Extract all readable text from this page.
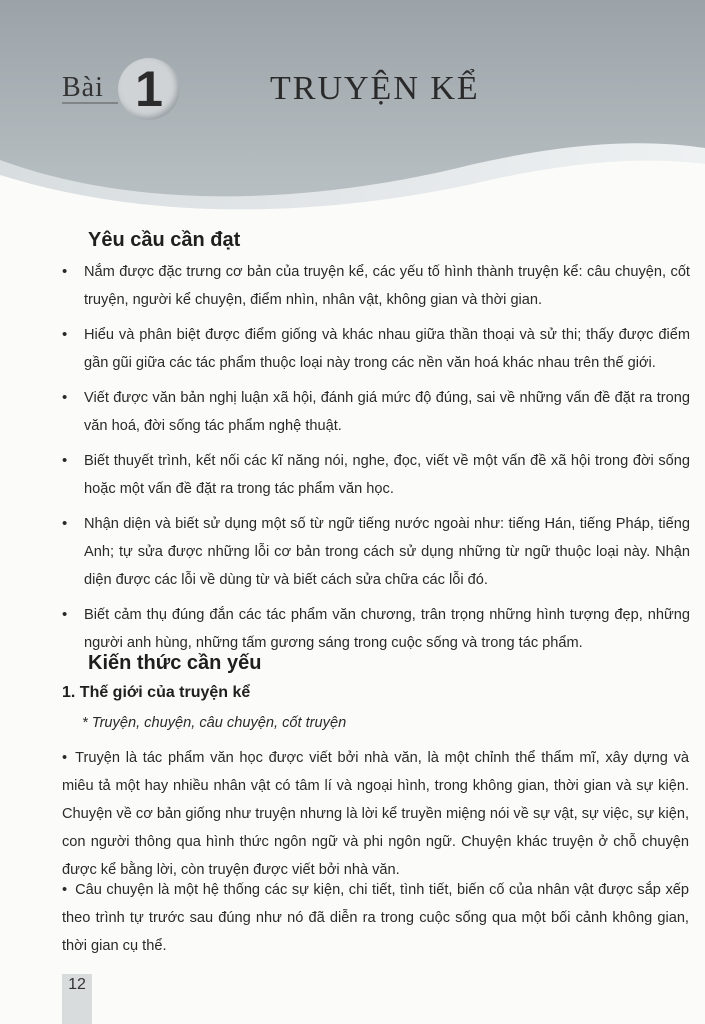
Bài 1	TRUYỆN KỂ
Yêu cầu cần đạt
• Nắm được đặc trưng cơ bản của truyện kể, các yếu tố hình thành truyện kể: câu chuyện, cốt truyện, người kể chuyện, điểm nhìn, nhân vật, không gian và thời gian.
• Hiểu và phân biệt được điểm giống và khác nhau giữa thần thoại và sử thi; thấy được điểm gần gũi giữa các tác phẩm thuộc loại này trong các nền văn hoá khác nhau trên thế giới.
• Viết được văn bản nghị luận xã hội, đánh giá mức độ đúng, sai về những vấn đề đặt ra trong văn hoá, đời sống tác phẩm nghệ thuật.
• Biết thuyết trình, kết nối các kĩ năng nói, nghe, đọc, viết về một vấn đề xã hội trong đời sống hoặc một vấn đề đặt ra trong tác phẩm văn học.
• Nhận diện và biết sử dụng một số từ ngữ tiếng nước ngoài như: tiếng Hán, tiếng Pháp, tiếng Anh; tự sửa được những lỗi cơ bản trong cách sử dụng những từ ngữ thuộc loại này. Nhận diện được các lỗi về dùng từ và biết cách sửa chữa các lỗi đó.
• Biết cảm thụ đúng đắn các tác phẩm văn chương, trân trọng những hình tượng đẹp, những người anh hùng, những tấm gương sáng trong cuộc sống và trong tác phẩm.
Kiến thức cần yếu
1. Thế giới của truyện kể
* Truyện, chuyện, câu chuyện, cốt truyện

• Truyện là tác phẩm văn học được viết bởi nhà văn, là một chỉnh thể thẩm mĩ, xây dựng và miêu tả một hay nhiều nhân vật có tâm lí và ngoại hình, trong không gian, thời gian và sự kiện. Chuyện về cơ bản giống như truyện nhưng là lời kể truyền miệng nói về sự vật, sự việc, sự kiện, con người thông qua hình thức ngôn ngữ và phi ngôn ngữ. Chuyện khác truyện ở chỗ chuyện được kể bằng lời, còn truyện được viết bởi nhà văn.

• Câu chuyện là một hệ thống các sự kiện, chi tiết, tình tiết, biến cố của nhân vật được sắp xếp theo trình tự trước sau đúng như nó đã diễn ra trong cuộc sống qua một bối cảnh không gian, thời gian cụ thể.

12
